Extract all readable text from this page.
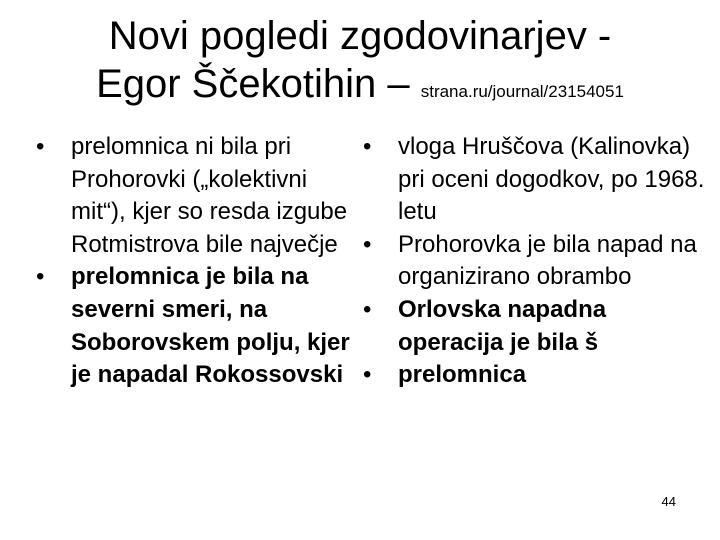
Novi pogledi zgodovinarjev -
Egor Ščekotihin – strana.ru/journal/23154051
•	prelomnica ni bila pri Prohorovki („kolektivni mit“), kjer so resda izgube Rotmistrova bile največje
•	prelomnica je bila na severni smeri, na Soborovskem polju, kjer je napadal Rokossovski
•	vloga Hruščova (Kalinovka) pri oceni dogodkov, po 1968. letu
•	Prohorovka je bila napad na organizirano obrambo
•	Orlovska napadna operacija je bila š
•	prelomnica
44
